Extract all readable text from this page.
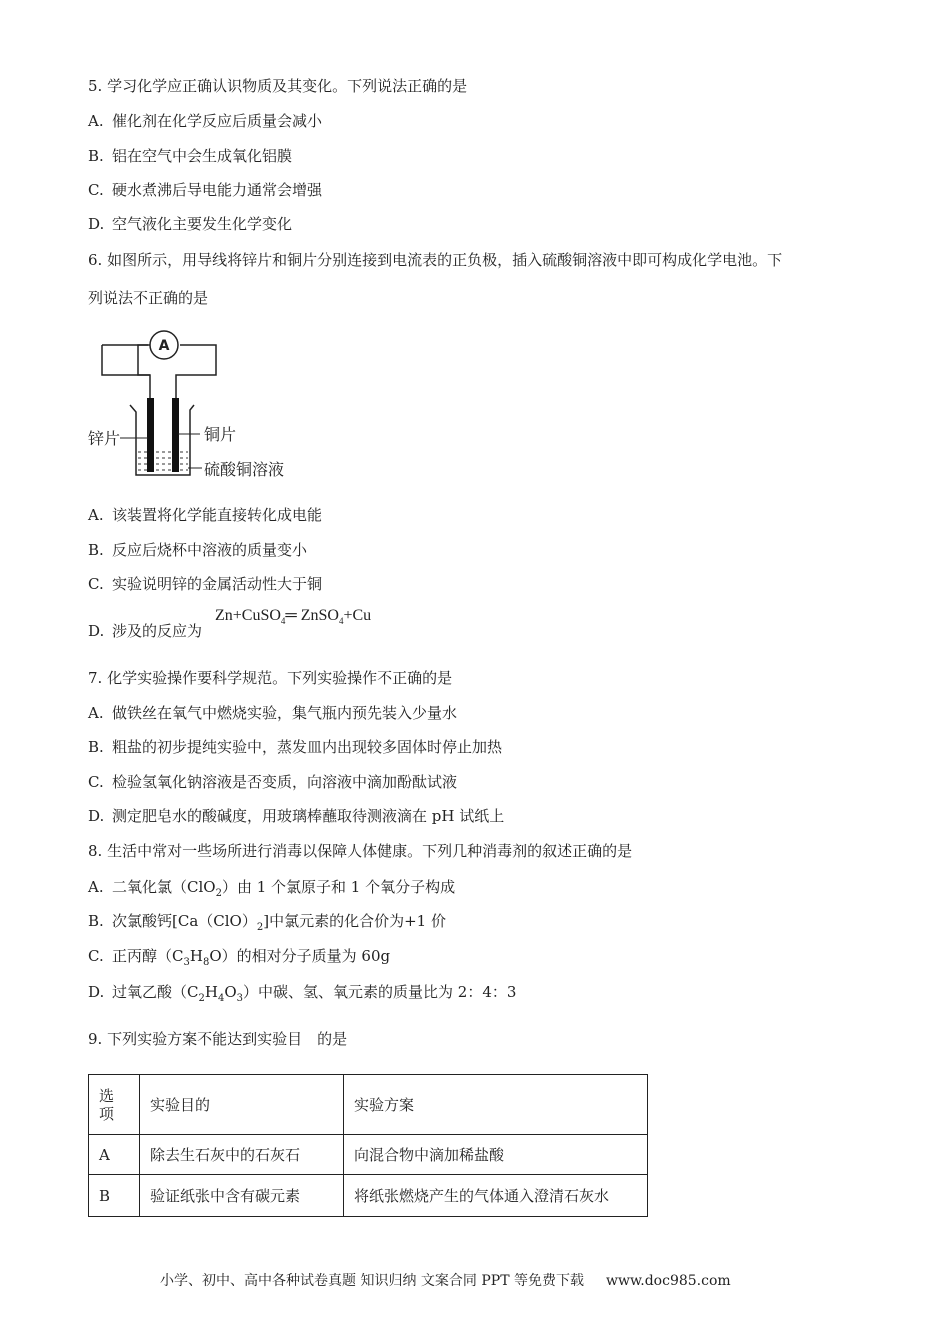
5. 学习化学应正确认识物质及其变化。下列说法正确的是
A. 催化剂在化学反应后质量会减小
B. 铝在空气中会生成氧化铝膜
C. 硬水煮沸后导电能力通常会增强
D. 空气液化主要发生化学变化
6. 如图所示，用导线将锌片和铜片分别连接到电流表的正负极，插入硫酸铜溶液中即可构成化学电池。下
列说法不正确的是
A
锌片	铜片
硫酸铜溶液
A. 该装置将化学能直接转化成电能
B. 反应后烧杯中溶液的质量变小
C. 实验说明锌的金属活动性大于铜
D. 涉及的反应为
Zn+CuSO$_4$═ ZnSO$_4$+Cu
7. 化学实验操作要科学规范。下列实验操作不正确的是
A. 做铁丝在氧气中燃烧实验，集气瓶内预先装入少量水
B. 粗盐的初步提纯实验中，蒸发皿内出现较多固体时停止加热
C. 检验氢氧化钠溶液是否变质，向溶液中滴加酚酞试液
D. 测定肥皂水的酸碱度，用玻璃棒蘸取待测液滴在 pH 试纸上
8. 生活中常对一些场所进行消毒以保障人体健康。下列几种消毒剂的叙述正确的是
A. 二氧化氯（ClO$_2$）由 1 个氯原子和 1 个氧分子构成
B. 次氯酸钙$[Ca(ClO)_2]$中氯元素的化合价为+1 价
C. 正丙醇$(C_3H_8O)$的相对分子质量为 60g
D. 过氧乙酸$(C_2H_4O_3)$中碳、氢、氧元素的质量比为 2：4：3
9. 下列实验方案不能达到实验目　的是
选
项	实验目的	实验方案
A	除去生石灰中的石灰石	向混合物中滴加稀盐酸
B	验证纸张中含有碳元素	将纸张燃烧产生的气体通入澄清石灰水
小学、初中、高中各种试卷真题 知识归纳 文案合同 PPT 等免费下载 www.doc985.com
